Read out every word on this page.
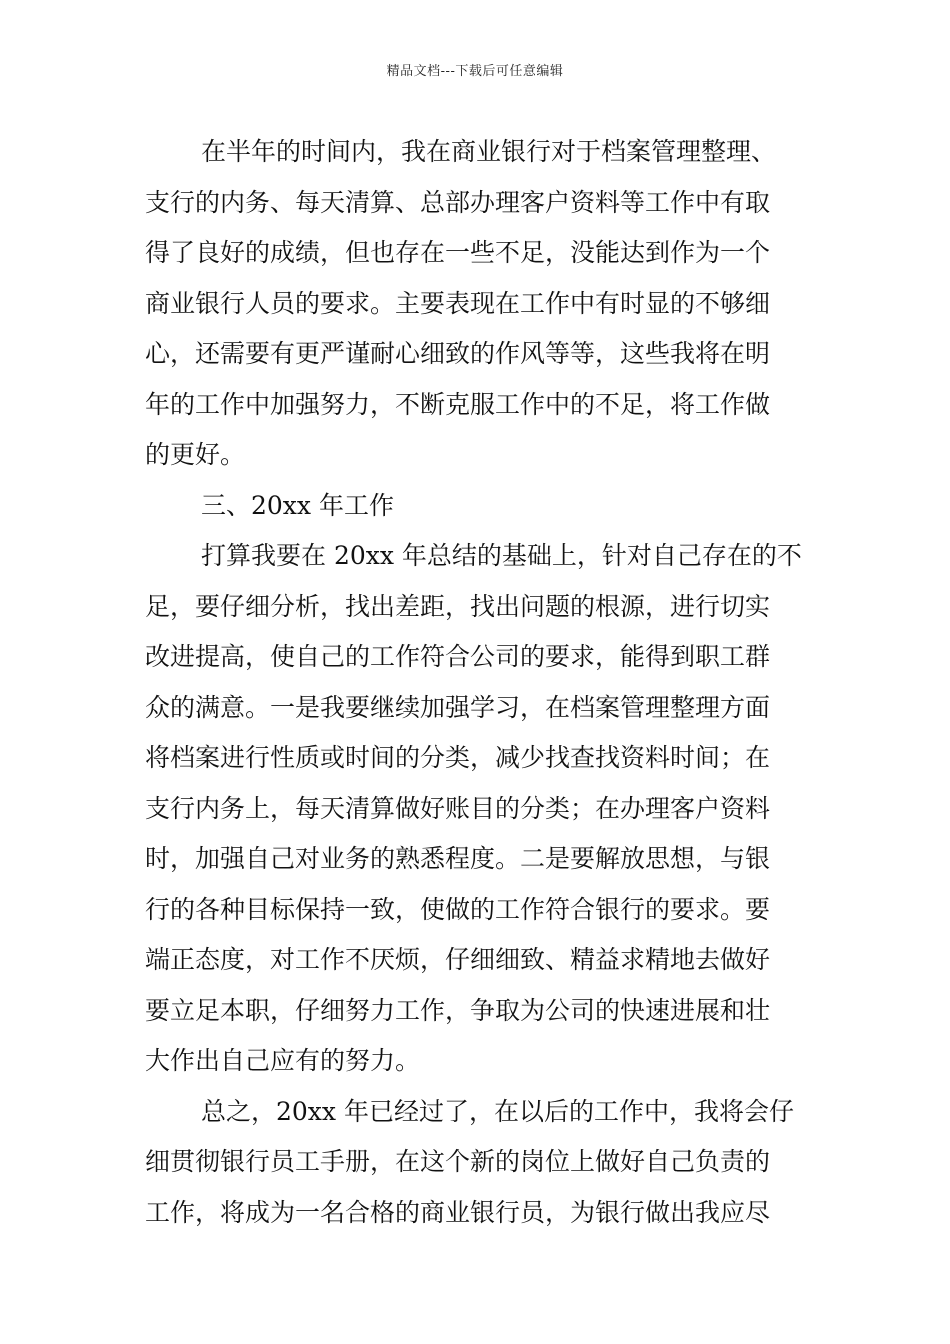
精品文档---下载后可任意编辑
在半年的时间内，我在商业银行对于档案管理整理、
支行的内务、每天清算、总部办理客户资料等工作中有取
得了良好的成绩，但也存在一些不足，没能达到作为一个
商业银行人员的要求。主要表现在工作中有时显的不够细
心，还需要有更严谨耐心细致的作风等等，这些我将在明
年的工作中加强努力，不断克服工作中的不足，将工作做
的更好。
三、20xx 年工作
打算我要在 20xx 年总结的基础上，针对自己存在的不
足，要仔细分析，找出差距，找出问题的根源，进行切实
改进提高，使自己的工作符合公司的要求，能得到职工群
众的满意。一是我要继续加强学习，在档案管理整理方面
将档案进行性质或时间的分类，减少找查找资料时间；在
支行内务上，每天清算做好账目的分类；在办理客户资料
时，加强自己对业务的熟悉程度。二是要解放思想，与银
行的各种目标保持一致，使做的工作符合银行的要求。要
端正态度，对工作不厌烦，仔细细致、精益求精地去做好
要立足本职，仔细努力工作，争取为公司的快速进展和壮
大作出自己应有的努力。
总之，20xx 年已经过了，在以后的工作中，我将会仔
细贯彻银行员工手册，在这个新的岗位上做好自己负责的
工作，将成为一名合格的商业银行员，为银行做出我应尽
